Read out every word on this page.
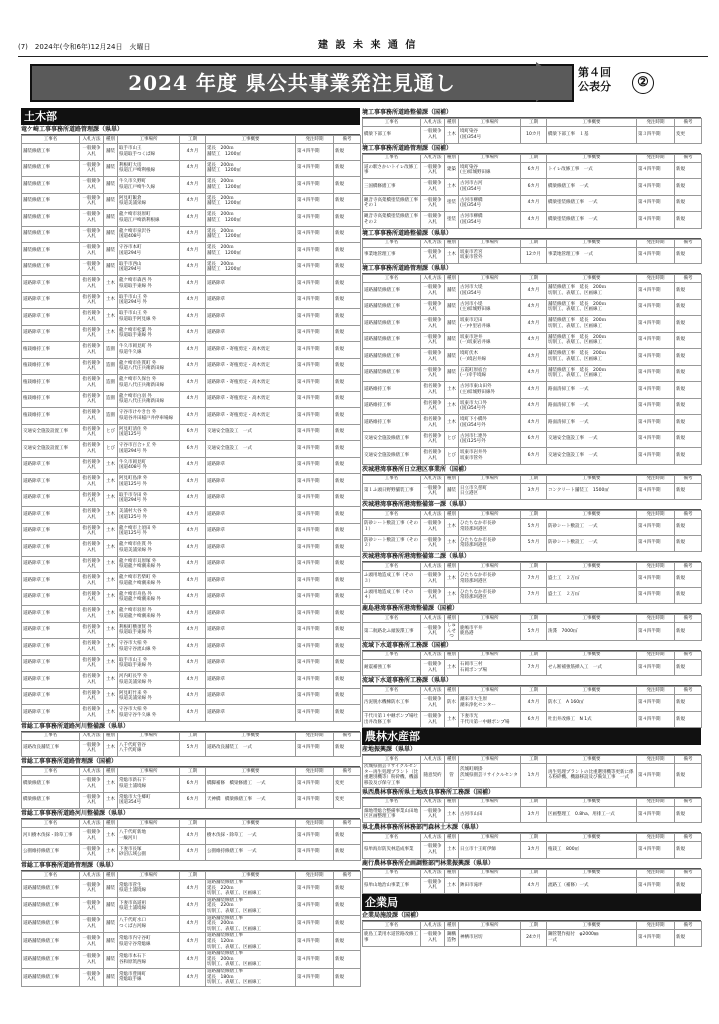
(7)　2024年(令和6年)12月24日　火曜日	建 設 未 来 通 信
2024 年度 県公共事業発注見通し	第４回
公表分	②
土木部
竜ケ崎工事事務所道路管理課（県単）
工事名	入札方法	種別	工事場所	工期	工事概要	発注時期	備考
舗装修繕工事	一般競争入札	舗装	取手市山王
県道取手つくば線	4カ月	延長　200ｍ
舗装工　1200㎡	第４四半期	新規
舗装修繕工事	一般競争入札	舗装	利根町大房
県道江戸崎利根線	4カ月	延長　200ｍ
舗装工　1200㎡	第４四半期	新規
舗装修繕工事	一般競争入札	舗装	牛久市久野町
県道江戸崎牛久線	4カ月	延長　200ｍ
舗装工　1200㎡	第４四半期	新規
舗装修繕工事	一般競争入札	舗装	阿見町飯倉
県道美浦栄線	4カ月	延長　200ｍ
舗装工　1200㎡	第４四半期	新規
舗装修繕工事	一般競争入札	舗装	龍ケ崎市羽原町
県道江戸崎新利根線	4カ月	延長　200ｍ
舗装工　1200㎡	第４四半期	新規
舗装修繕工事	一般競争入札	舗装	龍ケ崎市泉沢谷
国道408号	4カ月	延長　200ｍ
舗装工　1200㎡	第４四半期	新規
舗装修繕工事	一般競争入札	舗装	守谷市本町
国道294号	4カ月	延長　200ｍ
舗装工　1200㎡	第４四半期	新規
舗装修繕工事	一般競争入札	舗装	取手市西山
国道294号	4カ月	延長　200ｍ
舗装工　1200㎡	第４四半期	新規
道路除草工事	指名競争入札	土木	龍ケ崎市森西 外
県道取手東線 外	4カ月	道路除草	第４四半期	新規
道路除草工事	指名競争入札	土木	取手市山王 外
国道294号 外	4カ月	道路除草	第４四半期	新規
道路除草工事	指名競争入札	土木	取手市山王 外
県道取手阿見線 外	4カ月	道路除草	第４四半期	新規
道路除草工事	指名競争入札	土木	龍ケ崎市松葉 外
県道取手東線 外	4カ月	道路除草	第４四半期	新規
植栽維持工事	指名競争入札	造園	牛久市岡見町 外
県道牛久線	4カ月	道路除草・寄植剪定・高木剪定	第４四半期	新規
植栽維持工事	指名競争入札	造園	龍ケ崎市佐貫町 外
県道八代庄兵衛新田線	4カ月	道路除草・寄植剪定・高木剪定	第４四半期	新規
植栽維持工事	指名競争入札	造園	龍ケ崎市久保台 外
県道八代庄兵衛新田線	4カ月	道路除草・寄植剪定・高木剪定	第４四半期	新規
植栽維持工事	指名競争入札	造園	龍ケ崎市白羽 外
県道八代庄兵衛新田線	4カ月	道路除草・寄植剪定・高木剪定	第４四半期	新規
植栽維持工事	指名競争入札	造園	守谷市けやき台 外
県道谷井田稲戸井停車場線	4カ月	道路除草・寄植剪定・高木剪定	第４四半期	新規
交通安全施設設置工事	指名競争入札	とび	阿見町清住 外
国道125号	6カ月	交通安全施設工　一式	第４四半期	新規
交通安全施設設置工事	指名競争入札	とび	守谷市百合ヶ丘 外
国道294号 外	6カ月	交通安全施設工　一式	第４四半期	新規
道路除草工事	指名競争入札	土木	牛久市岡見町
国道408号 外	4カ月	道路除草	第４四半期	新規
道路除草工事	指名競争入札	土木	阿見町島津 外
国道125号 外	4カ月	道路除草	第４四半期	新規
道路除草工事	指名競争入札	土木	取手市寺田 外
国道294号 外	4カ月	道路除草	第４四半期	新規
道路除草工事	指名競争入札	土木	美浦村大谷 外
国道125号 外	4カ月	道路除草	第４四半期	新規
道路除草工事	指名競争入札	土木	龍ケ崎市上須田 外
国道125号 外	4カ月	道路除草	第４四半期	新規
道路除草工事	指名競争入札	土木	龍ケ崎市佐貫 外
県道美浦栄線 外	4カ月	道路除草	第４四半期	新規
道路除草工事	指名競争入札	土木	龍ケ崎市貝原塚 外
県道龍ケ崎潮来線 外	4カ月	道路除草	第４四半期	新規
道路除草工事	指名競争入札	土木	龍ケ崎市若柴町 外
県道龍ケ崎潮来線 外	4カ月	道路除草	第４四半期	新規
道路除草工事	指名競争入札	土木	龍ケ崎市舟島 外
県道龍ケ崎潮来線 外	4カ月	道路除草	第４四半期	新規
道路除草工事	指名競争入札	土木	龍ケ崎市羽原 外
県道龍ケ崎潮来線 外	4カ月	道路除草	第４四半期	新規
道路除草工事	指名競争入札	土木	利根町横須賀 外
県道取手東線 外	4カ月	道路除草	第４四半期	新規
道路除草工事	指名競争入札	土木	守谷市大柏 外
県道守谷流山線 外	4カ月	道路除草	第４四半期	新規
道路除草工事	指名競争入札	土木	取手市山王 外
県道取手東線 外	4カ月	道路除草	第４四半期	新規
道路除草工事	指名競争入札	土木	河内町長竿 外
県道美浦栄線 外	4カ月	道路除草	第４四半期	新規
道路除草工事	指名競争入札	土木	阿見町竹来 外
県道美浦栄線 外	4カ月	道路除草	第４四半期	新規
道路除草工事	指名競争入札	土木	守谷市大柏 外
県道守谷牛久線 外	4カ月	道路除草	第４四半期	新規
常総工事事務所道路河川整備課（県単）
工事名	入札方法	種別	工事場所	工期	工事概要	発注時期	備考
道路改良舗装工事	一般競争入札	土木	八千代町菅谷
八千代町線	5カ月	道路改良舗装工　一式	第４四半期	新規
常総工事事務所道路管理課（国補）
工事名	入札方法	種別	工事場所	工期	工事概要	発注時期	備考
橋梁修繕工事	一般競争入札	土木	常総市新石下
県道土浦境線	6カ月	橋脚補修　橋梁修繕工　一式	第４四半期	変更
橋梁修繕工事	一般競争入札	土木	常総市大生郷町
国道354号	6カ月	天神橋　橋梁修繕工事　一式	第４四半期	変更
常総工事事務所道路河川整備課（県単）
工事名	入札方法	種別	工事場所	工期	工事概要	発注時期	備考
河川樹木伐採・除草工事	一般競争入札	土木	八千代町新地
一級河川	4カ月	樹木伐採・除草工　一式	第４四半期	新規
公園維持修繕工事	一般競争入札	土木	下妻市長塚
砂沼広域公園	4カ月	公園維持修繕工事　一式	第４四半期	新規
常総工事事務所道路管理課（県単）
工事名	入札方法	種別	工事場所	工期	工事概要	発注時期	備考
道路舗装修繕工事	一般競争入札	舗装	常総市菅生
県道土浦境線	4カ月	道路舗装修繕工事
延長　220ｍ
切削工、表層工、区画線工	第４四半期	新規
道路舗装修繕工事	一般競争入札	舗装	下妻市高道祖
県道土浦境線	4カ月	道路舗装修繕工事
延長　220ｍ
切削工、表層工、区画線工	第４四半期	新規
道路舗装修繕工事	一般競争入札	舗装	八千代町水口
つくば古河線	4カ月	道路舗装修繕工事
延長　200ｍ
切削工、表層工、区画線工	第４四半期	新規
道路舗装修繕工事	一般競争入札	舗装	常総市内守谷町
県道守谷常総線	4カ月	道路舗装修繕工事
延長　120ｍ
切削工、表層工、区画線工	第４四半期	新規
道路舗装修繕工事	一般競争入札	舗装	常総市本石下
谷和原筑西線	4カ月	道路舗装修繕工事
延長　200ｍ
切削工、表層工、区画線工	第４四半期	新規
道路舗装修繕工事	一般競争入札	舗装	常総市豊岡町
常総取手線	4カ月	道路舗装修繕工事
延長　180ｍ
切削工、表層工、区画線工	第４四半期	新規
境工事事務所道路整備課（国補）
工事名	入札方法	種別	工事場所	工期	工事概要	発注時期	備考
橋梁下部工事	一般競争入札	土木	境町染谷
(国)354号	10カ月	橋梁下部工事　１基	第３四半期	変更
境工事事務所道路管理課（国補）
工事名	入札方法	種別	工事場所	工期	工事概要	発注時期	備考
道の駅さかいトイレ改修工事	一般競争入札	建築	境町染谷
(主)結城野田線	6カ月	トイレ改修工事　一式	第４四半期	新規
三国橋修繕工事	一般競争入札	土木	古河市古河
(国)354号	6カ月	橋梁修繕工事　一式	第４四半期	新規
観音寺高架橋塗装修繕工事その１	一般競争入札	塗装	古河市柳橋
(国)354号	4カ月	橋梁塗装修繕工事　一式	第４四半期	新規
観音寺高架橋塗装修繕工事その２	一般競争入札	塗装	古河市柳橋
(国)354号	4カ月	橋梁塗装修繕工事　一式	第４四半期	新規
境工事事務所道路整備課（県単）
工事名	入札方法	種別	工事場所	工期	工事概要	発注時期	備考
事業地管理工事	一般競争入札	土木	坂東市若宮
坂東市管外	12カ月	事業地管理工事　一式	第４四半期	新規
境工事事務所道路管理課（県単）
工事名	入札方法	種別	工事場所	工期	工事概要	発注時期	備考
道路舗装修繕工事	一般競争入札	舗装	古河市大堤
(国)354号	4カ月	舗装修繕工事　延長　200ｍ
切削工、表層工、区画線工	第４四半期	新規
道路舗装修繕工事	一般競争入札	舗装	古河市小堤
(主)結城野田線	4カ月	舗装修繕工事　延長　200ｍ
切削工、表層工、区画線工	第４四半期	新規
道路舗装修繕工事	一般競争入札	舗装	坂東市辺田
(一)中里岩井線	4カ月	舗装修繕工事　延長　200ｍ
切削工、表層工、区画線工	第４四半期	新規
道路舗装修繕工事	一般競争入札	舗装	坂東市逆井
(一)坂東岩井線	4カ月	舗装修繕工事　延長　200ｍ
切削工、表層工、区画線工	第４四半期	新規
道路舗装修繕工事	一般競争入札	舗装	境町伏木
(一)境岩井線	4カ月	舗装修繕工事　延長　200ｍ
切削工、表層工、区画線工	第４四半期	新規
道路舗装修繕工事	一般競争入札	舗装	五霞町原宿台
(一)幸手境線	4カ月	舗装修繕工事　延長　200ｍ
切削工、表層工、区画線工	第４四半期	新規
道路維持工事	指名競争入札	土木	古河市東山田外
(主)結城野田線外	4カ月	路面清掃工事　一式	第４四半期	新規
道路維持工事	指名競争入札	土木	坂東市大口外
(国)354号外	4カ月	路面清掃工事　一式	第４四半期	新規
道路維持工事	指名競争入札	土木	境町下小橋外
(国)354号外	4カ月	路面清掃工事　一式	第４四半期	新規
交通安全施設修繕工事	指名競争入札	とび	古河市仁連外
(国)125号外	6カ月	交通安全施設工事　一式	第４四半期	新規
交通安全施設修繕工事	指名競争入札	とび	坂東市岩井外
坂東市管外	6カ月	交通安全施設工事　一式	第４四半期	新規
茨城港湾事務所日立港区事業所（国補）
工事名	入札方法	種別	工事場所	工期	工事概要	発注時期	備考
第１ふ頭日野野舗装工事	一般競争入札	舗装	日立市久慈町
日立港区	3カ月	コンクリート舗装工　1500㎡	第４四半期	新規
茨城港湾事務所港湾整備第一課（県単）
工事名	入札方法	種別	工事場所	工期	工事概要	発注時期	備考
防砂シート敷設工事（その１）	一般競争入札	土木	ひたちなか市長砂
常陸那珂港区	5カ月	防砂シート敷設工　一式	第４四半期	新規
防砂シート敷設工事（その２）	一般競争入札	土木	ひたちなか市長砂
常陸那珂港区	5カ月	防砂シート敷設工　一式	第４四半期	新規
茨城港湾事務所港湾整備第二課（県単）
工事名	入札方法	種別	工事場所	工期	工事概要	発注時期	備考
ふ頭用地造成工事（その３）	一般競争入札	土木	ひたちなか市長砂
常陸那珂港区	7カ月	盛土工　２万㎥	第４四半期	新規
ふ頭用地造成工事（その４）	一般競争入札	土木	ひたちなか市長砂
常陸那珂港区	7カ月	盛土工　２万㎥	第４四半期	新規
鹿島港湾事務所港湾整備課（国補）
工事名	入札方法	種別	工事場所	工期	工事概要	発注時期	備考
第二航路北ふ頭浚渫工事	一般競争入札	しゅんせつ	鹿嶋市平井
鹿島港	5カ月	浚渫　7000㎥	第４四半期	新規
流域下水道事務所工務課（国補）
工事名	入札方法	種別	工事場所	工期	工事概要	発注時期	備考
耐震補強工事	一般競争入札	土木	石岡市三村
石岡ポンプ場	7カ月	せん断補強筋挿入工　一式	第４四半期	新規
流域下水道事務所工務課（県単）
工事名	入札方法	種別	工事場所	工期	工事概要	発注時期	備考
汚泥脱水機棟防水工事	一般競争入札	防水	潮来市大生原
潮来浄化センター	4カ月	防水工　A 160㎡	第４四半期	新規
千代川第１中継ポンプ場吐出井改修工事	一般競争入札	土木	下妻市光
千代川第一中継ポンプ場	6カ月	吐出井改修工　N 1式	第４四半期	新規
農林水産部
産地振興課（県単）
工事名	入札方法	種別	工事場所	工期	工事概要	発注時期	備考
茨城県園芸リサイクルセンター再生処理プラント（比重選別機等）粉砕機、機器移設及び保守工事	随意契約	管	茨城町網掛
茨城県園芸リサイクルセンター	1カ月	再生処理プラントの比重選別機等更新に係る粉砕機、機器移設及び備気工事　一式	第４四半期	新規
県西農林事務所県土地改良事務所工務課（国補）
工事名	入札方法	種別	工事場所	工期	工事概要	発注時期	備考
畑地帯総合整備事業山田地区区画整理工事	一般競争入札	土木	古河市山田	3カ月	区画整理工　0.8ha、用排工一式	第４四半期	新規
県北農林事務所林務部門森林土木課（県単）
工事名	入札方法	種別	工事場所	工期	工事概要	発注時期	備考
県単海岸防災林造成事業	一般競争入札	土木	日立市十王町伊師	3カ月	植栽工　800㎡	第４四半期	新規
鹿行農林事務所企画調整部門林業振興課（県単）
工事名	入札方法	種別	工事場所	工期	工事概要	発注時期	備考
県単山地治山事業工事	一般競争入札	土木	鉾田市滝坪	4カ月	流路工（補修）一式	第４四半期	新規
企業局
企業局施設課（国補）
工事名	入札方法	種別	工事場所	工期	工事概要	発注時期	備考
鹿島工業用水道管路改修工事	一般競争入札	鋼構造物	神栖市居切	24カ月	鋼管製作据付　φ2000㎜
一式	第４四半期	新規
